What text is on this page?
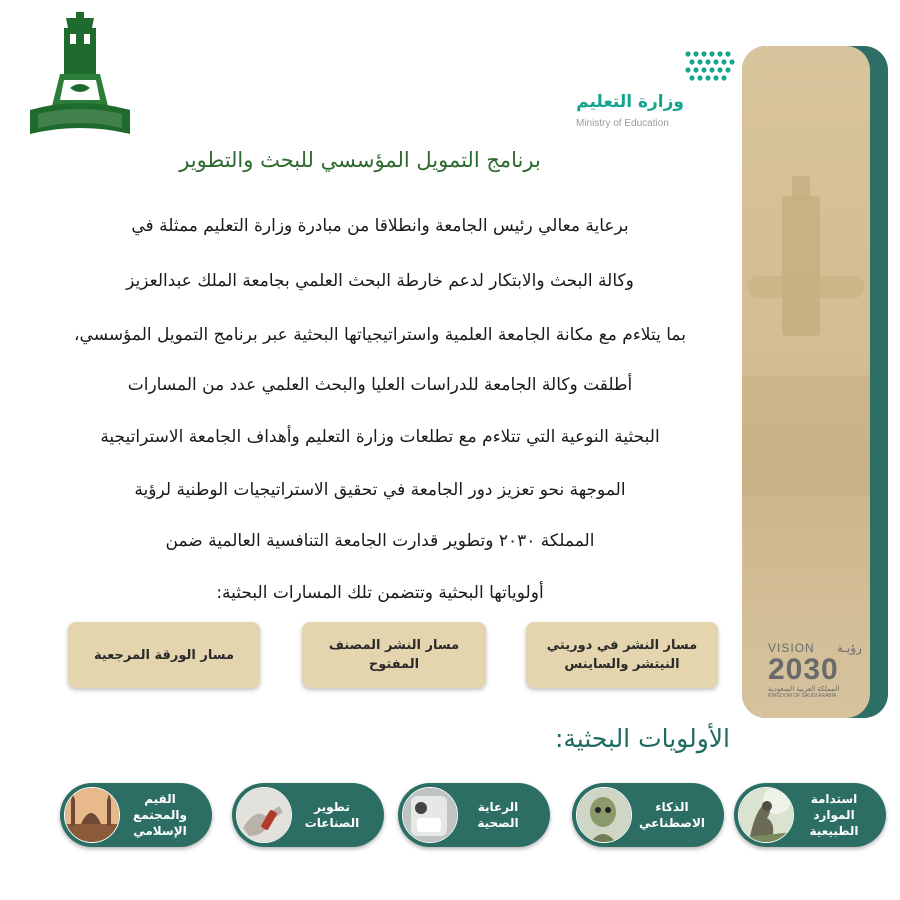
وزارة التعليم
Ministry of Education
VISION رؤيـة
2030
المملكة العربية السعودية
KINGDOM OF SAUDI ARABIA
برنامج التمويل المؤسسي للبحث والتطوير
برعاية معالي رئيس الجامعة وانطلاقا من مبادرة وزارة التعليم ممثلة في
وكالة البحث والابتكار لدعم خارطة البحث العلمي بجامعة الملك عبدالعزيز
بما يتلاءم مع مكانة الجامعة العلمية واستراتيجياتها البحثية عبر برنامج التمويل المؤسسي،
أطلقت وكالة الجامعة للدراسات العليا والبحث العلمي عدد من المسارات
البحثية النوعية التي تتلاءم مع تطلعات وزارة التعليم وأهداف الجامعة الاستراتيجية
الموجهة نحو تعزيز دور الجامعة في تحقيق الاستراتيجيات الوطنية لرؤية
المملكة ٢٠٣٠ وتطوير قدارت الجامعة التنافسية العالمية ضمن
أولوياتها البحثية وتتضمن تلك المسارات البحثية:
مسار النشر في دوريتي النيتشر والساينس
مسار النشر المصنف المفتوح
مسار الورقة المرجعية
الأولويات البحثية:
استدامة الموارد الطبيعية
الذكاء الاصطناعي
الرعاية الصحية
تطوير الصناعات
القيم والمجتمع الإسلامي
